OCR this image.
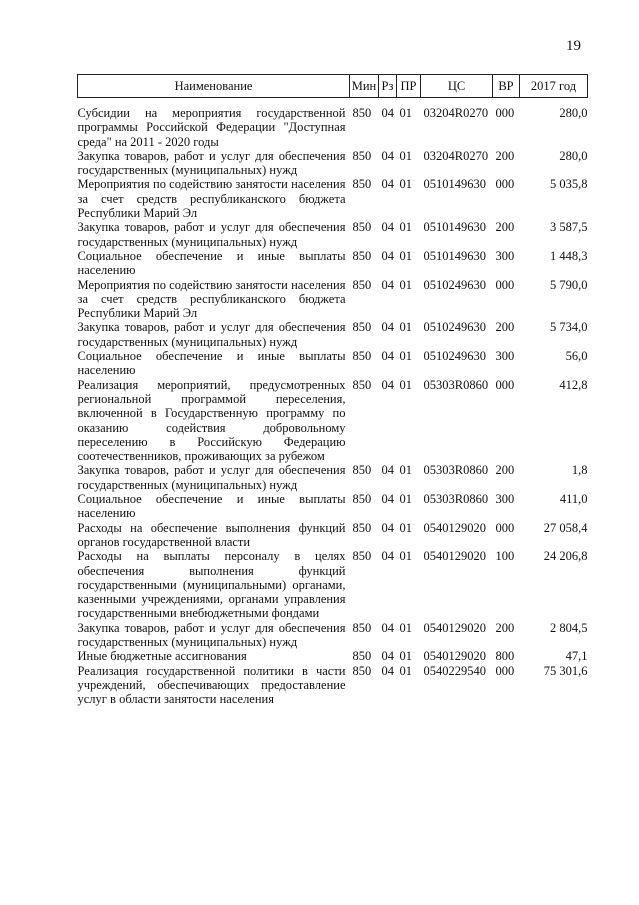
19
Наименование	Мин	Рз	ПР	ЦС	ВР	2017 год

Субсидии на мероприятия государственной программы Российской Федерации "Доступная среда" на 2011 - 2020 годы	850	04	01	03204R0270	000	280,0
Закупка товаров, работ и услуг для обеспечения государственных (муниципальных) нужд	850	04	01	03204R0270	200	280,0
Мероприятия по содействию занятости населения за счет средств республиканского бюджета Республики Марий Эл	850	04	01	0510149630	000	5 035,8
Закупка товаров, работ и услуг для обеспечения государственных (муниципальных) нужд	850	04	01	0510149630	200	3 587,5
Социальное обеспечение и иные выплаты населению	850	04	01	0510149630	300	1 448,3
Мероприятия по содействию занятости населения за счет средств республиканского бюджета Республики Марий Эл	850	04	01	0510249630	000	5 790,0
Закупка товаров, работ и услуг для обеспечения государственных (муниципальных) нужд	850	04	01	0510249630	200	5 734,0
Социальное обеспечение и иные выплаты населению	850	04	01	0510249630	300	56,0
Реализация мероприятий, предусмотренных региональной программой переселения, включенной в Государственную программу по оказанию содействия добровольному переселению в Российскую Федерацию соотечественников, проживающих за рубежом	850	04	01	05303R0860	000	412,8
Закупка товаров, работ и услуг для обеспечения государственных (муниципальных) нужд	850	04	01	05303R0860	200	1,8
Социальное обеспечение и иные выплаты населению	850	04	01	05303R0860	300	411,0
Расходы на обеспечение выполнения функций органов государственной власти	850	04	01	0540129020	000	27 058,4
Расходы на выплаты персоналу в целях обеспечения выполнения функций государственными (муниципальными) органами, казенными учреждениями, органами управления государственными внебюджетными фондами	850	04	01	0540129020	100	24 206,8
Закупка товаров, работ и услуг для обеспечения государственных (муниципальных) нужд	850	04	01	0540129020	200	2 804,5
Иные бюджетные ассигнования	850	04	01	0540129020	800	47,1
Реализация государственной политики в части учреждений, обеспечивающих предоставление услуг в области занятости населения	850	04	01	0540229540	000	75 301,6
